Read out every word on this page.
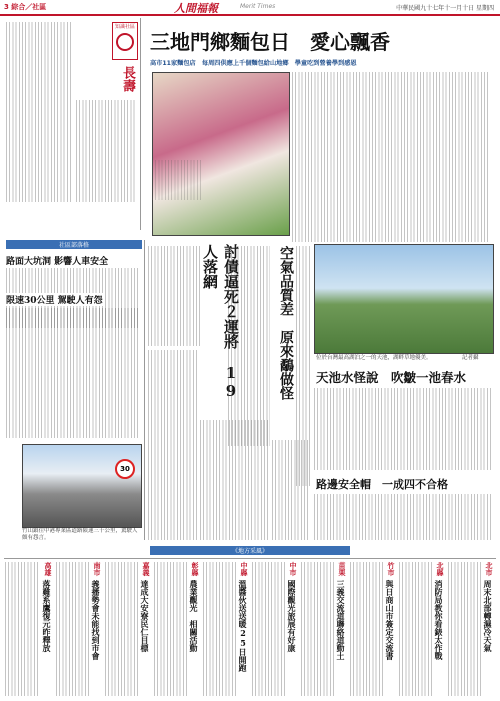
3 綜合／社區	人間福報	Merit Times	中華民國九十七年十一月十日 星期四
知識社區
長壽
三地門鄉麵包日　愛心飄香
高市11家麵包店　每周四供應上千個麵包給山地鄉　學童吃到營養學到感恩
社區部落格
路面大坑洞 影響人車安全
限速30公里 駕駛人有怨
30
竹山鎮往中港專業區道路限速三十公里，駕駛人頗有怨言。
討債逼死２運將　19人落網	空氣品質差　原來鷸做怪	位於台灣最高湖泊之一的天池，湖畔草地優美。	記者攝
天池水怪說　吹皺一池春水
路邊安全帽　一成四不合格
《地方采風》
北市
周末北部轉濕冷天氣
北縣
消防局教你看錶太作戰
竹市
與日商山市簽定交流書
苗栗
三義交流道聯絡道動土
中市
國際觀光旅展有好康
中縣
溫醬伙送送暖25日開跑
彰縣
農業觀光　相關活動
嘉義
達成大安寮民仁目標
南市
義播勢會未能找到市會
高雄
落難系鷹復元昨釋放
